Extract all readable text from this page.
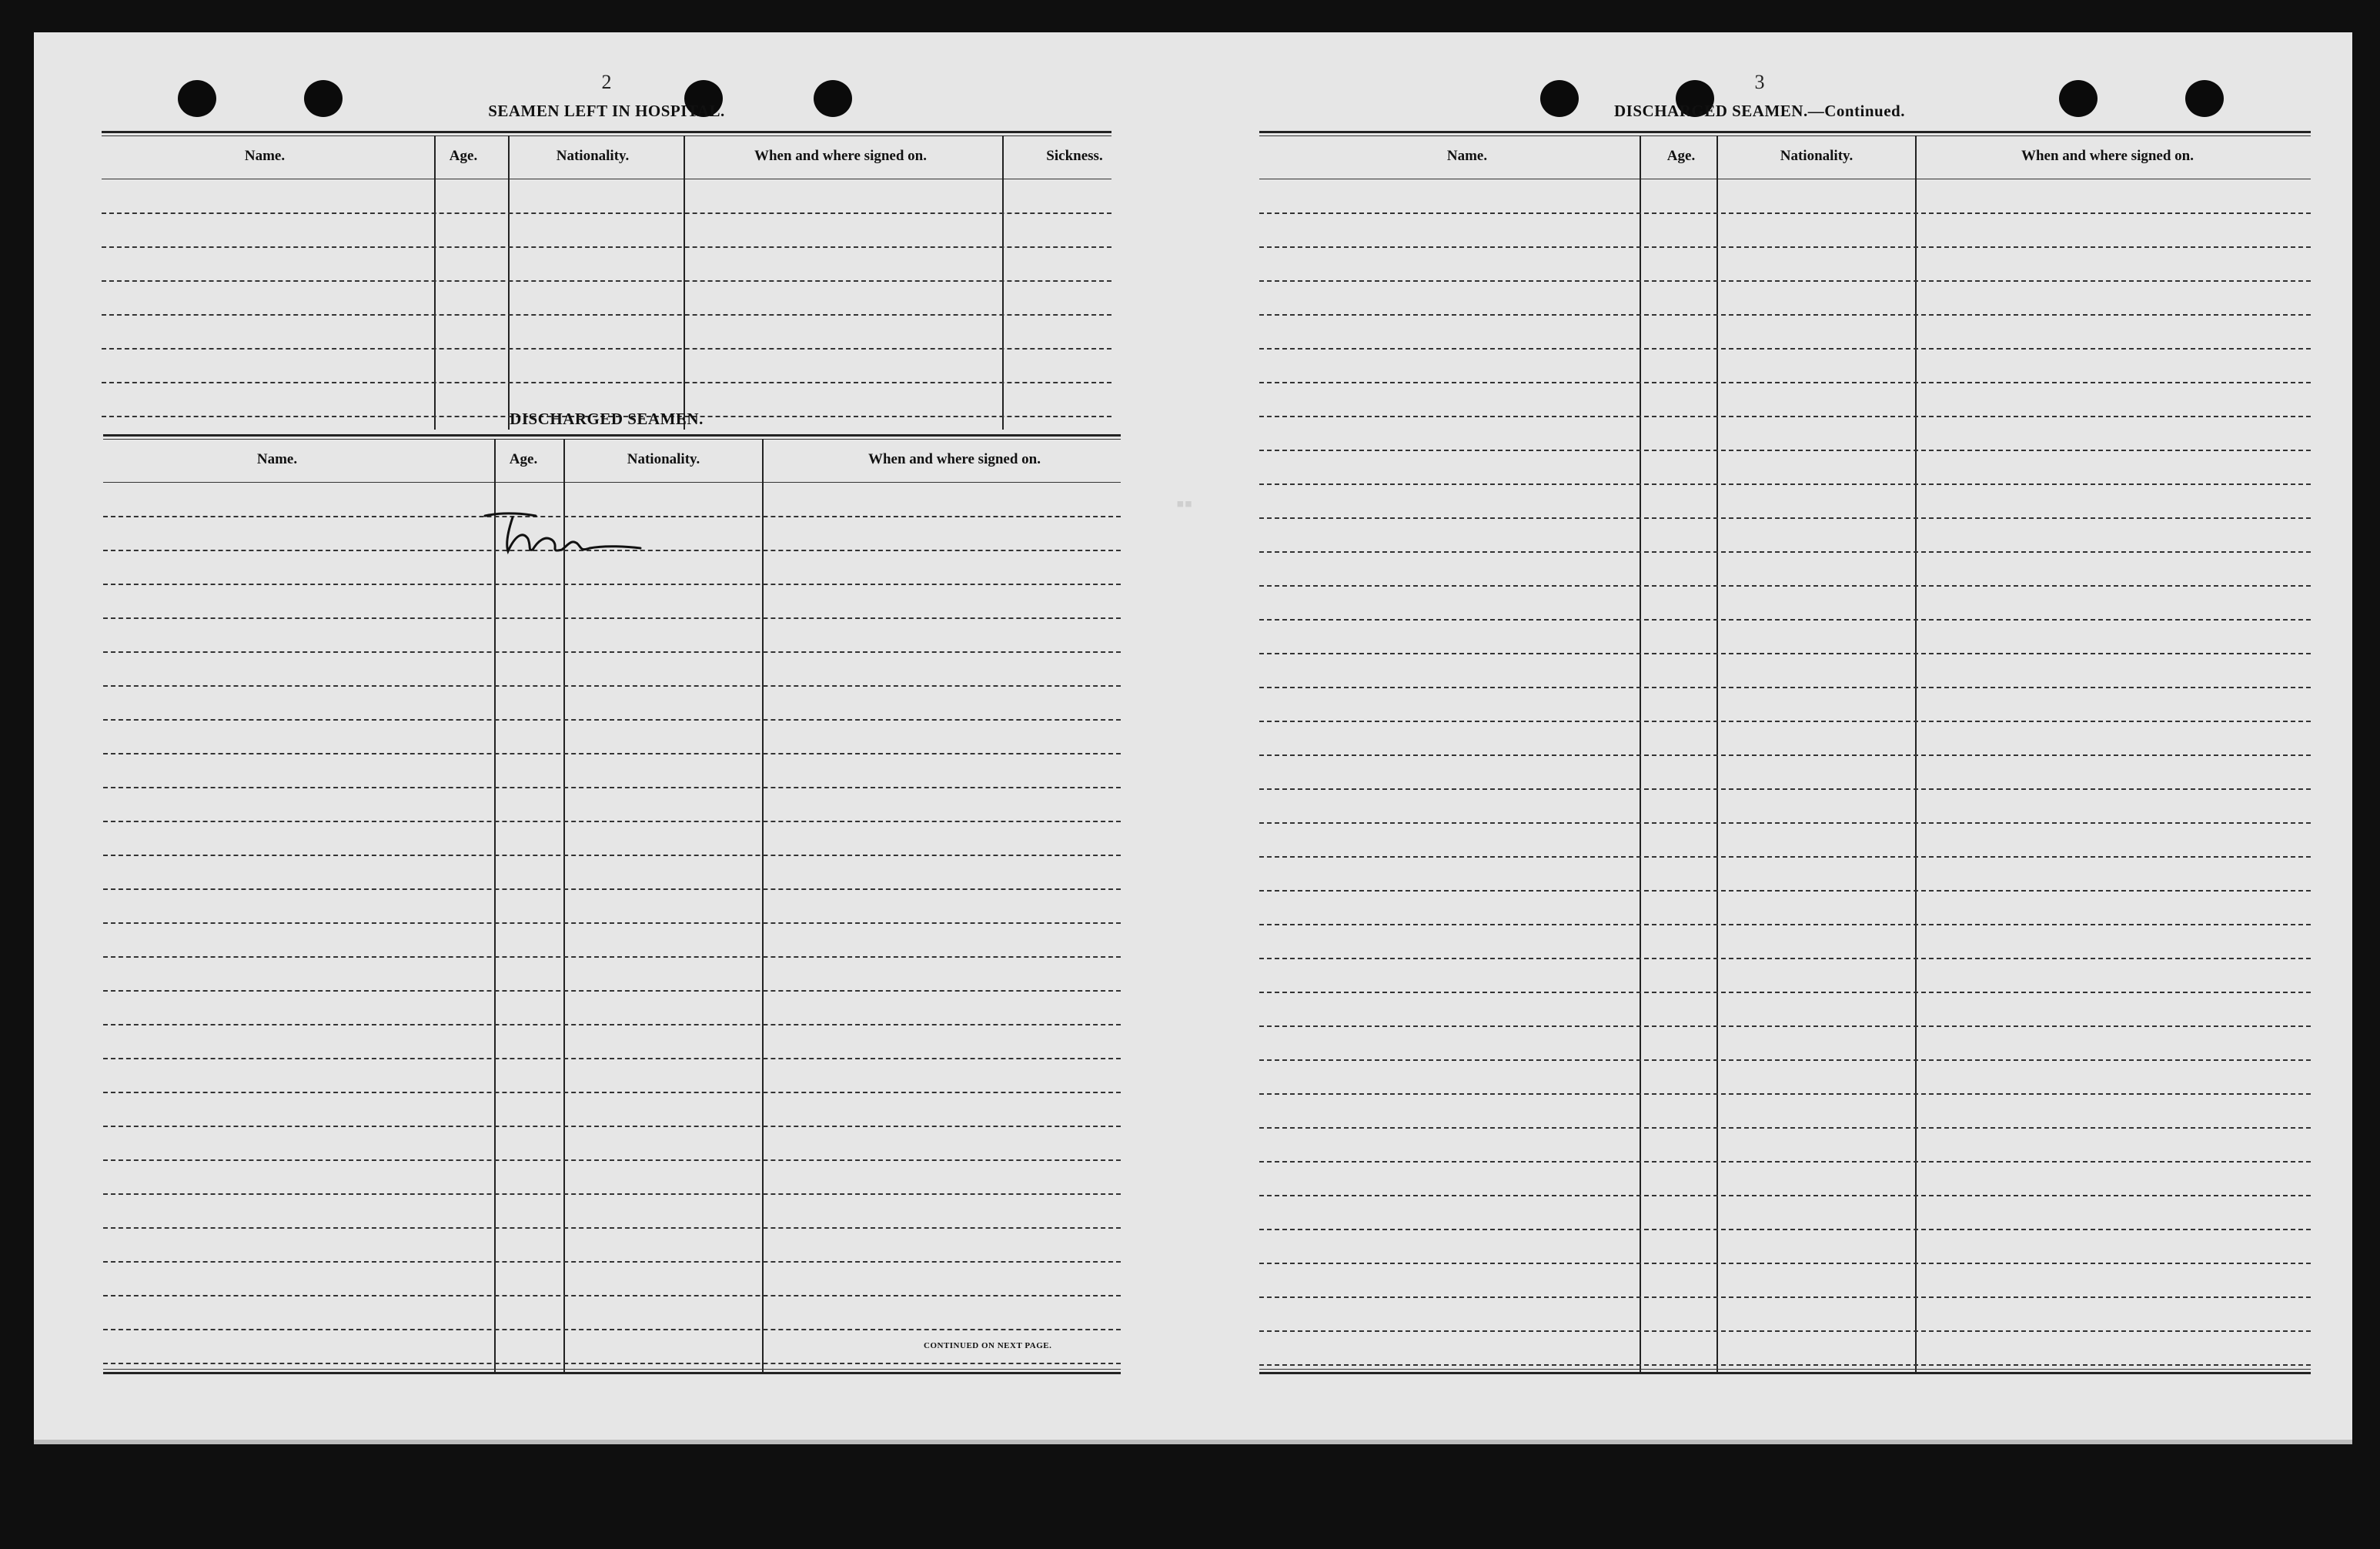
▪▪
2
SEAMEN LEFT IN HOSPITAL.
Name.	Age.	Nationality.	When and where signed on.	Sickness.
DISCHARGED SEAMEN.
Name.	Age.	Nationality.	When and where signed on.
CONTINUED ON NEXT PAGE.
3
DISCHARGED SEAMEN.—Continued.
Name.	Age.	Nationality.	When and where signed on.
